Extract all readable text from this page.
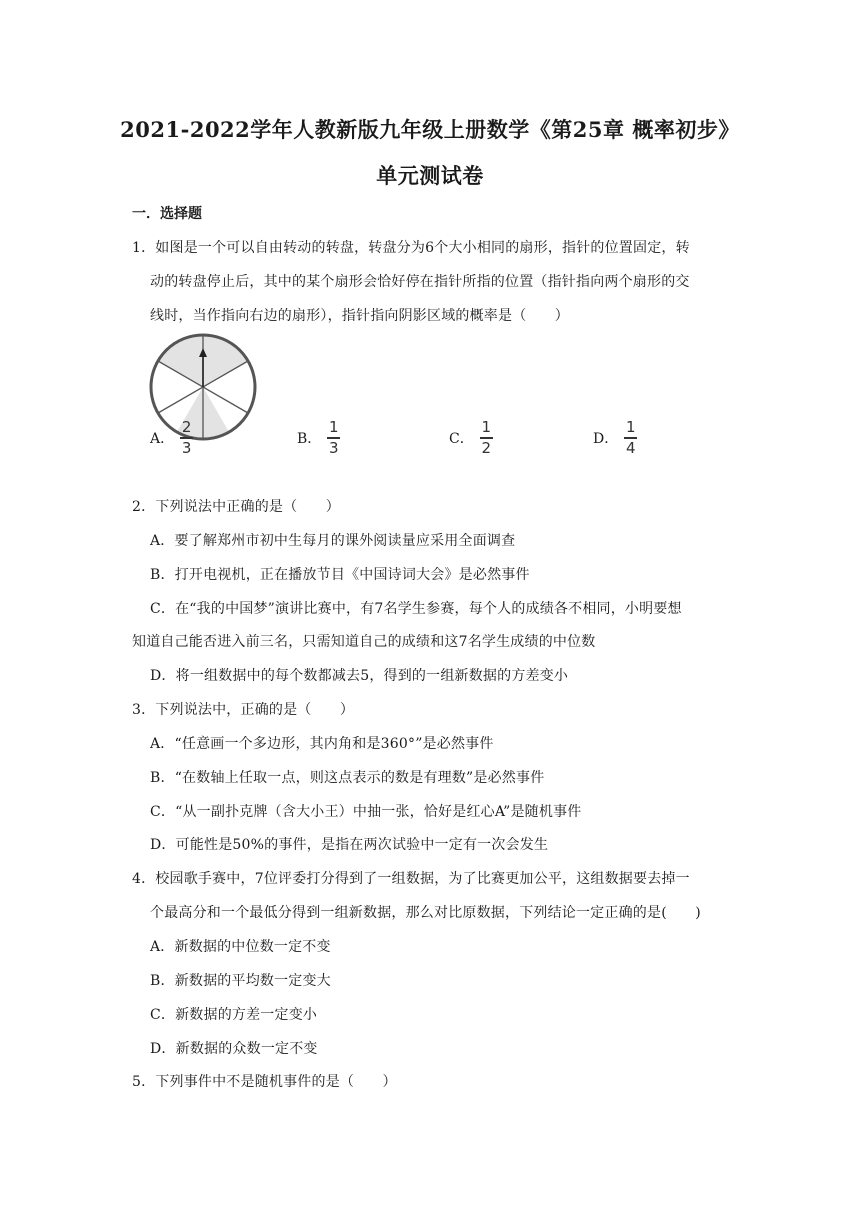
2021-2022学年人教新版九年级上册数学《第25章 概率初步》
单元测试卷
一．选择题
1．如图是一个可以自由转动的转盘，转盘分为6个大小相同的扇形，指针的位置固定，转
动的转盘停止后，其中的某个扇形会恰好停在指针所指的位置（指针指向两个扇形的交
线时，当作指向右边的扇形），指针指向阴影区域的概率是（　　）
A． $\frac{2}{3}$	B． $\frac{1}{3}$	C． $\frac{1}{2}$	D． $\frac{1}{4}$
2．下列说法中正确的是（　　）
A．要了解郑州市初中生每月的课外阅读量应采用全面调查
B．打开电视机，正在播放节目《中国诗词大会》是必然事件
C．在“我的中国梦”演讲比赛中，有7名学生参赛，每个人的成绩各不相同，小明要想
知道自己能否进入前三名，只需知道自己的成绩和这7名学生成绩的中位数
D．将一组数据中的每个数都减去5，得到的一组新数据的方差变小
3．下列说法中，正确的是（　　）
A．“任意画一个多边形，其内角和是360°”是必然事件
B．“在数轴上任取一点，则这点表示的数是有理数”是必然事件
C．“从一副扑克牌（含大小王）中抽一张，恰好是红心A”是随机事件
D．可能性是50%的事件，是指在两次试验中一定有一次会发生
4．校园歌手赛中，7位评委打分得到了一组数据，为了比赛更加公平，这组数据要去掉一
个最高分和一个最低分得到一组新数据，那么对比原数据，下列结论一定正确的是(　　)
A．新数据的中位数一定不变
B．新数据的平均数一定变大
C．新数据的方差一定变小
D．新数据的众数一定不变
5．下列事件中不是随机事件的是（　　）
